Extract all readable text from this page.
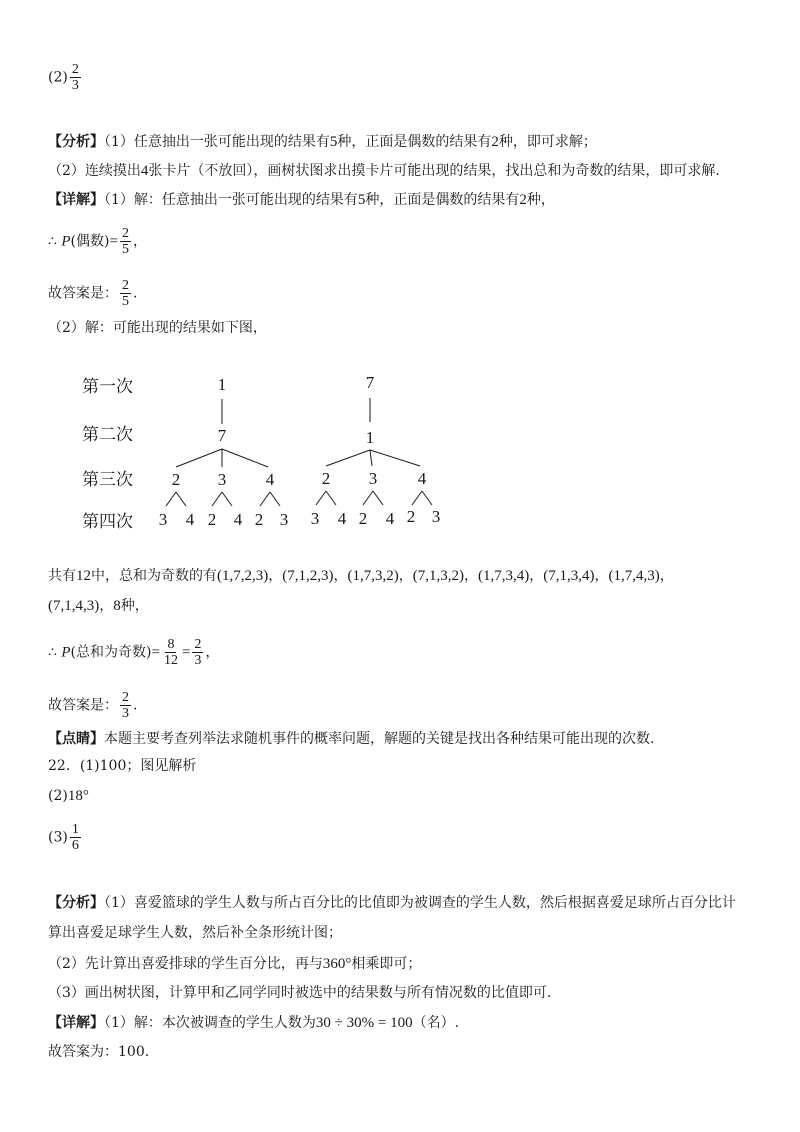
$(2) \frac{2}{3}$
【分析】（1）任意抽出一张可能出现的结果有5种，正面是偶数的结果有2种，即可求解；
（2）连续摸出4张卡片（不放回），画树状图求出摸卡片可能出现的结果，找出总和为奇数的结果，即可求解.
【详解】（1）解：任意抽出一张可能出现的结果有5种，正面是偶数的结果有2种，
∴ P(偶数)= $\frac{2}{5}$ ，
故答案是： $\frac{2}{5}$ .
（2）解：可能出现的结果如下图，
第一次
第二次
第三次
第四次
1
7
2 3 4
3 4 2 4 2 3
7
1
2 3 4
3 4 2 4 2 3
共有12中，总和为奇数的有(1,7,2,3)，(7,1,2,3)，(1,7,3,2)，(7,1,3,2)，(1,7,3,4)，(7,1,3,4)，(1,7,4,3)，
(7,1,4,3)，8种，
∴ P(总和为奇数)= $\frac{8}{12} = \frac{2}{3}$ ，
故答案是： $\frac{2}{3}$ .
【点睛】本题主要考查列举法求随机事件的概率问题，解题的关键是找出各种结果可能出现的次数.
22．(1)100；图见解析
(2)18°
$(3) \frac{1}{6}$
【分析】（1）喜爱篮球的学生人数与所占百分比的比值即为被调查的学生人数，然后根据喜爱足球所占百分比计
算出喜爱足球学生人数，然后补全条形统计图；
（2）先计算出喜爱排球的学生百分比，再与360°相乘即可；
（3）画出树状图，计算甲和乙同学同时被选中的结果数与所有情况数的比值即可.
【详解】（1）解：本次被调查的学生人数为30 ÷ 30% = 100（名）.
故答案为：100.
